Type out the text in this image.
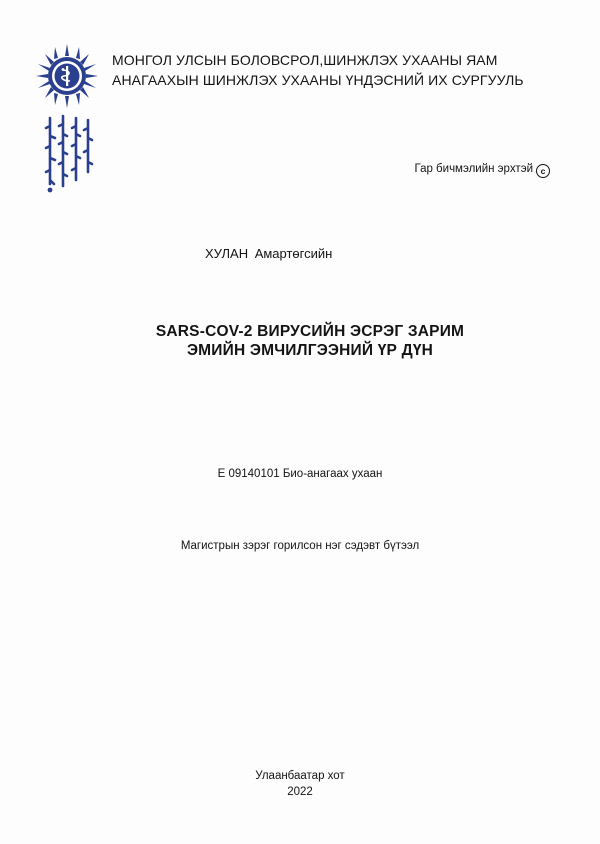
МОНГОЛ УЛСЫН БОЛОВСРОЛ,ШИНЖЛЭХ УХААНЫ ЯАМ
АНАГААХЫН ШИНЖЛЭХ УХААНЫ ҮНДЭСНИЙ ИХ СУРГУУЛЬ
Гар бичмэлийн эрхтэй c
ХУЛАН Амартөгсийн
SARS-COV-2 ВИРУСИЙН ЭСРЭГ ЗАРИМ
ЭМИЙН ЭМЧИЛГЭЭНИЙ ҮР ДҮН
Е 09140101 Био-анагаах ухаан
Магистрын зэрэг горилсон нэг сэдэвт бүтээл
Улаанбаатар хот
2022
